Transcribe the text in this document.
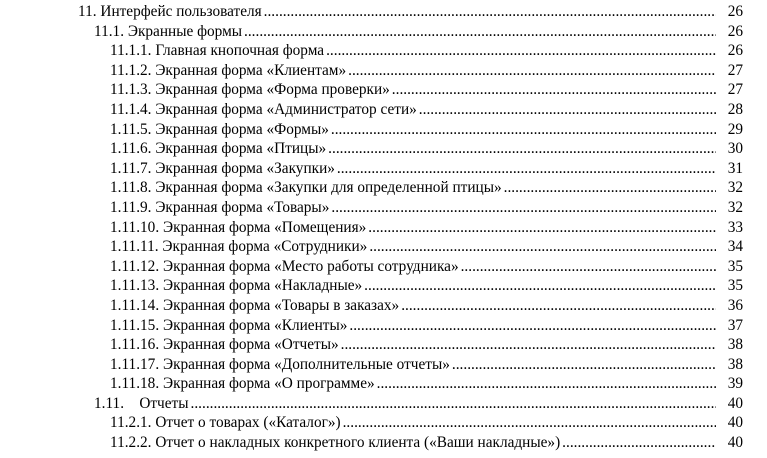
11. Интерфейс пользователя .....	26
11.1. Экранные формы .....	26
11.1.1. Главная кнопочная форма .....	26
11.1.2. Экранная форма «Клиентам» .....	27
11.1.3. Экранная форма «Форма проверки» .....	27
11.1.4. Экранная форма «Администратор сети» .....	28
1.11.5. Экранная форма «Формы» .....	29
1.11.6. Экранная форма «Птицы» .....	30
1.11.7. Экранная форма «Закупки» .....	31
1.11.8. Экранная форма «Закупки для определенной птицы» .....	32
1.11.9. Экранная форма «Товары» .....	32
1.11.10. Экранная форма «Помещения» .....	33
1.11.11. Экранная форма «Сотрудники» .....	34
1.11.12. Экранная форма «Место работы сотрудника» .....	35
1.11.13. Экранная форма «Накладные» .....	35
1.11.14. Экранная форма «Товары в заказах» .....	36
1.11.15. Экранная форма «Клиенты» .....	37
1.11.16. Экранная форма «Отчеты» .....	38
1.11.17. Экранная форма «Дополнительные отчеты» .....	38
1.11.18. Экранная форма «О программе» .....	39
1.11. Отчеты .....	40
11.2.1. Отчет о товарах («Каталог») .....	40
11.2.2. Отчет о накладных конкретного клиента («Ваши накладные») .....	40
